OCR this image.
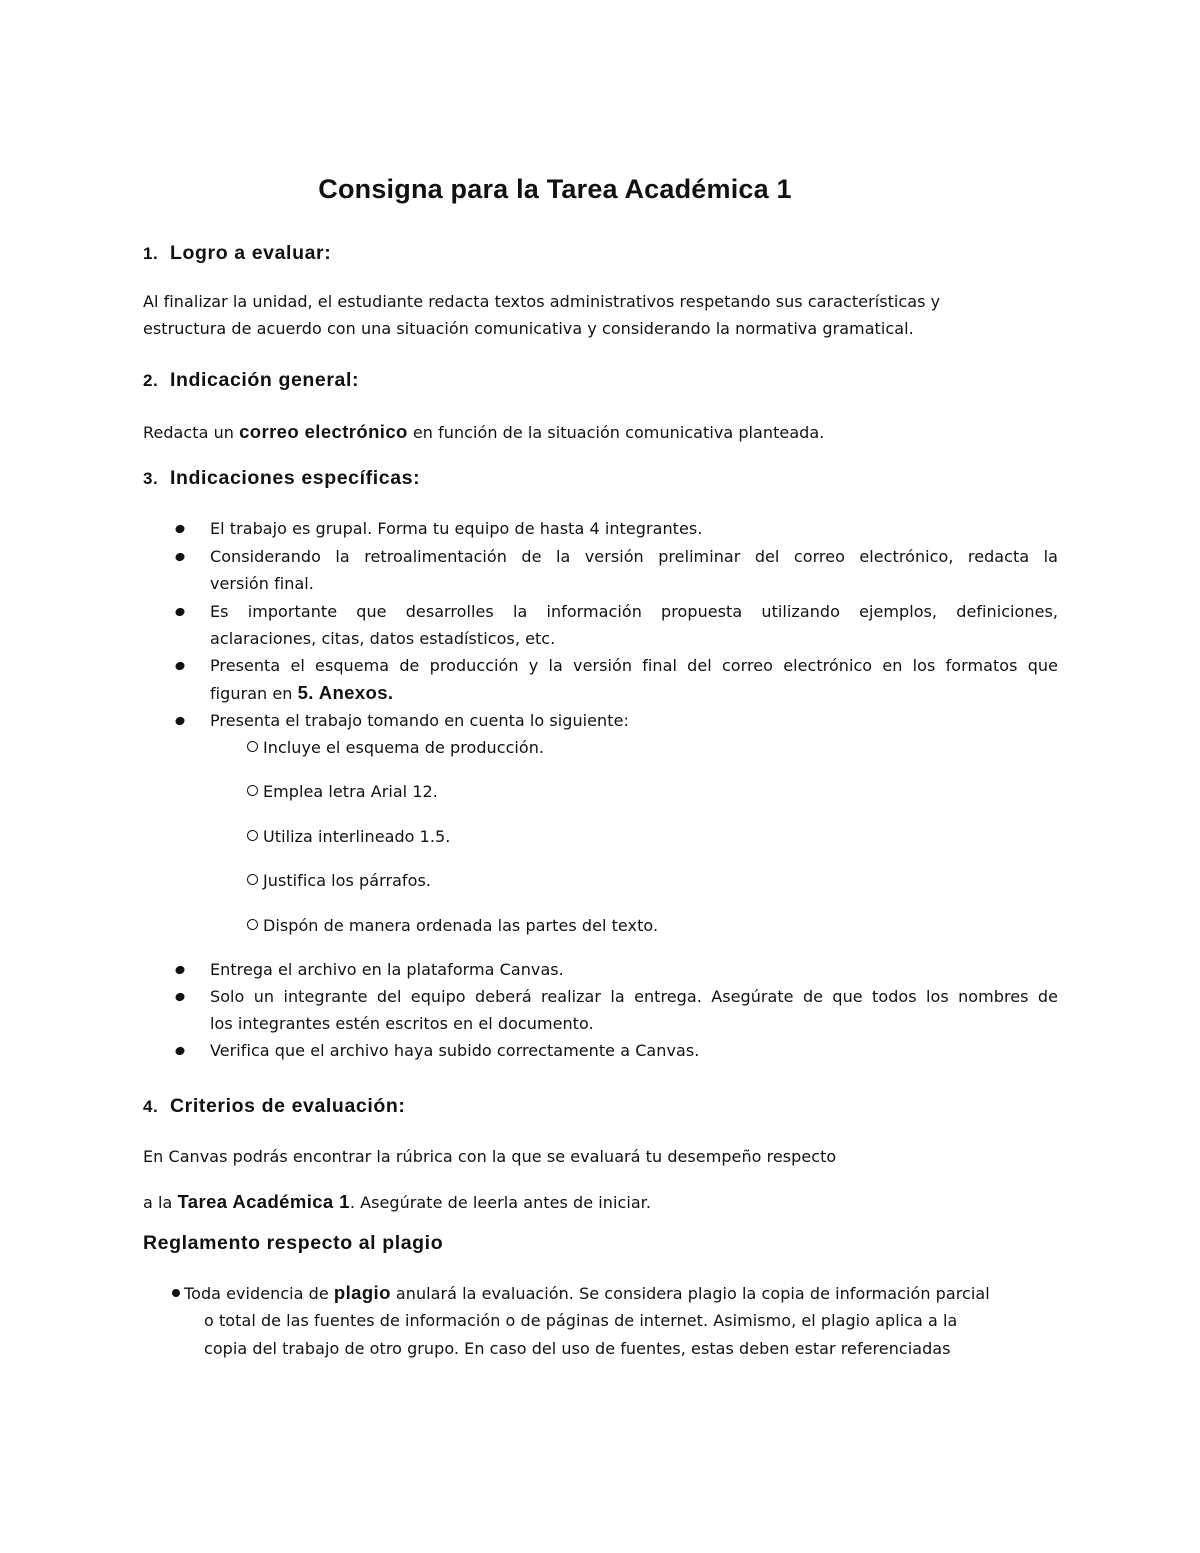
Consigna para la Tarea Académica 1
1. Logro a evaluar:
Al finalizar la unidad, el estudiante redacta textos administrativos respetando sus características y
estructura de acuerdo con una situación comunicativa y considerando la normativa gramatical.
2. Indicación general:
Redacta un correo electrónico en función de la situación comunicativa planteada.
3. Indicaciones específicas:
El trabajo es grupal. Forma tu equipo de hasta 4 integrantes.
Considerando la retroalimentación de la versión preliminar del correo electrónico, redacta la
versión final.
Es importante que desarrolles la información propuesta utilizando ejemplos, definiciones,
aclaraciones, citas, datos estadísticos, etc.
Presenta el esquema de producción y la versión final del correo electrónico en los formatos que
figuran en 5. Anexos.
Presenta el trabajo tomando en cuenta lo siguiente:
Incluye el esquema de producción.
Emplea letra Arial 12.
Utiliza interlineado 1.5.
Justifica los párrafos.
Dispón de manera ordenada las partes del texto.
Entrega el archivo en la plataforma Canvas.
Solo un integrante del equipo deberá realizar la entrega. Asegúrate de que todos los nombres de
los integrantes estén escritos en el documento.
Verifica que el archivo haya subido correctamente a Canvas.
4. Criterios de evaluación:
En Canvas podrás encontrar la rúbrica con la que se evaluará tu desempeño respecto
a la Tarea Académica 1. Asegúrate de leerla antes de iniciar.
Reglamento respecto al plagio
Toda evidencia de plagio anulará la evaluación. Se considera plagio la copia de información parcial
o total de las fuentes de información o de páginas de internet. Asimismo, el plagio aplica a la
copia del trabajo de otro grupo. En caso del uso de fuentes, estas deben estar referenciadas
